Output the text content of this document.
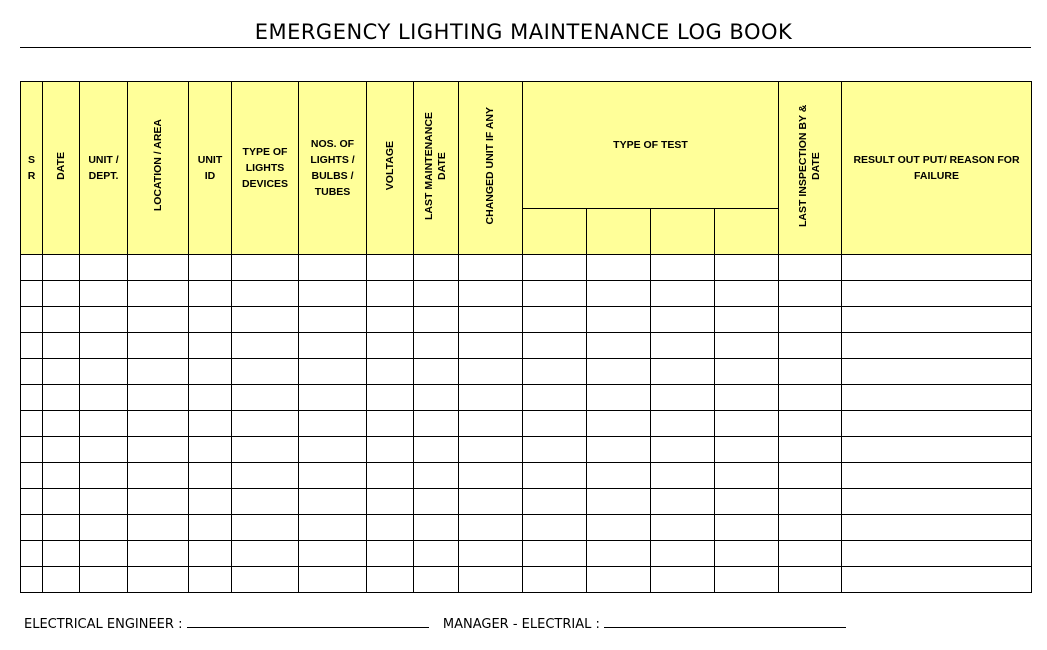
EMERGENCY LIGHTING MAINTENANCE LOG BOOK
S R	DATE	UNIT / DEPT.	LOCATION / AREA	UNIT ID	TYPE OF LIGHTS DEVICES	NOS. OF LIGHTS / BULBS / TUBES	VOLTAGE	LAST MAINTENANCE DATE	CHANGED UNIT IF ANY	TYPE OF TEST				LAST INSPECTION BY & DATE	RESULT OUT PUT/ REASON FOR FAILURE

ELECTRICAL ENGINEER :	MANAGER - ELECTRIAL :
